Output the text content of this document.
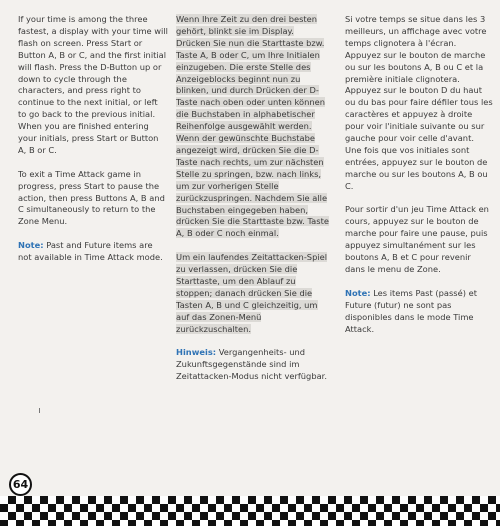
If your time is among the three fastest, a display with your time will flash on screen. Press Start or Button A, B or C, and the first initial will flash. Press the D-Button up or down to cycle through the characters, and press right to continue to the next initial, or left to go back to the previous initial. When you are finished entering your initials, press Start or Button A, B or C.

To exit a Time Attack game in progress, press Start to pause the action, then press Buttons A, B and C simultaneously to return to the Zone Menu.

Note: Past and Future items are not available in Time Attack mode.

Wenn Ihre Zeit zu den drei besten gehört, blinkt sie im Display. Drücken Sie nun die Starttaste bzw. Taste A, B oder C, um Ihre Initialen einzugeben. Die erste Stelle des Anzeigeblocks beginnt nun zu blinken, und durch Drücken der D-Taste nach oben oder unten können die Buchstaben in alphabetischer Reihenfolge ausgewählt werden. Wenn der gewünschte Buchstabe angezeigt wird, drücken Sie die D-Taste nach rechts, um zur nächsten Stelle zu springen, bzw. nach links, um zur vorherigen Stelle zurückzuspringen. Nachdem Sie alle Buchstaben eingegeben haben, drücken Sie die Starttaste bzw. Taste A, B oder C noch einmal.

Um ein laufendes Zeitattacken-Spiel zu verlassen, drücken Sie die Starttaste, um den Ablauf zu stoppen; danach drücken Sie die Tasten A, B und C gleichzeitig, um auf das Zonen-Menü zurückzuschalten.

Hinweis: Vergangenheits- und Zukunftsgegenstände sind im Zeitattacken-Modus nicht verfügbar.

Si votre temps se situe dans les 3 meilleurs, un affichage avec votre temps clignotera à l'écran. Appuyez sur le bouton de marche ou sur les boutons A, B ou C et la première initiale clignotera. Appuyez sur le bouton D du haut ou du bas pour faire défiler tous les caractères et appuyez à droite pour voir l'initiale suivante ou sur gauche pour voir celle d'avant. Une fois que vos initiales sont entrées, appuyez sur le bouton de marche ou sur les boutons A, B ou C.

Pour sortir d'un jeu Time Attack en cours, appuyez sur le bouton de marche pour faire une pause, puis appuyez simultanément sur les boutons A, B et C pour revenir dans le menu de Zone.

Note: Les items Past (passé) et Future (futur) ne sont pas disponibles dans le mode Time Attack.

64
